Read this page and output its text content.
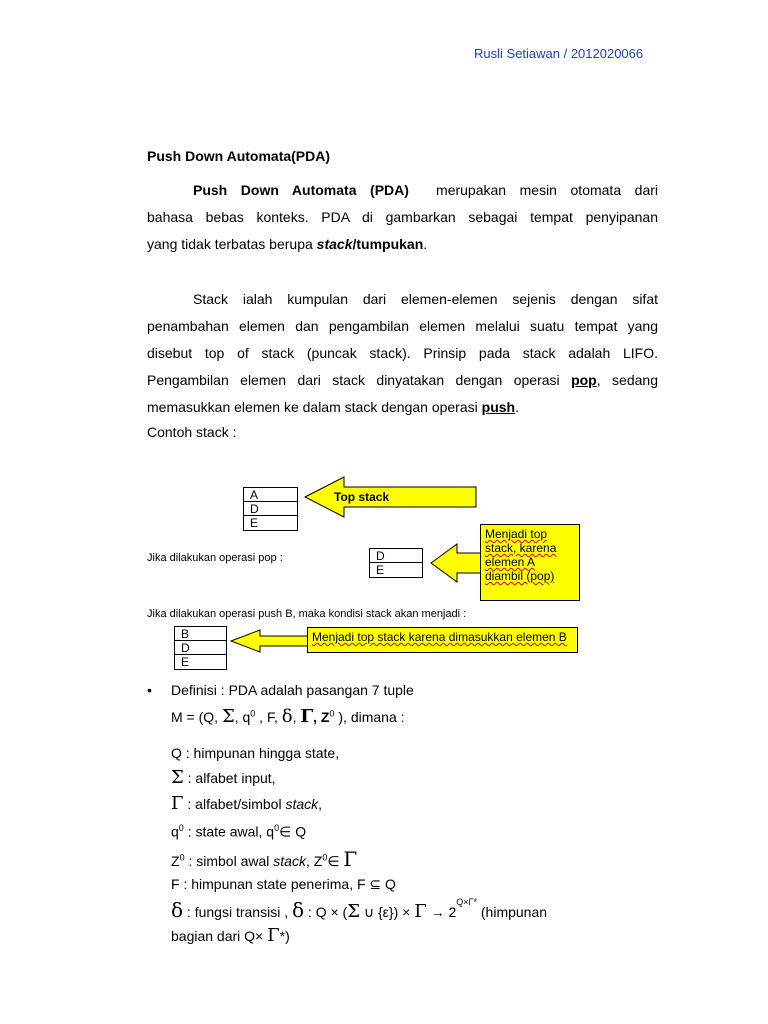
Rusli Setiawan / 2012020066
Push Down Automata(PDA)
Push Down Automata (PDA) merupakan mesin otomata dari
bahasa bebas konteks. PDA di gambarkan sebagai tempat penyipanan
yang tidak terbatas berupa stack/tumpukan.
Stack ialah kumpulan dari elemen-elemen sejenis dengan sifat
penambahan elemen dan pengambilan elemen melalui suatu tempat yang
disebut top of stack (puncak stack). Prinsip pada stack adalah LIFO.
Pengambilan elemen dari stack dinyatakan dengan operasi pop, sedang
memasukkan elemen ke dalam stack dengan operasi push.
Contoh stack :
A
D
E
Top stack
Jika dilakukan operasi pop :	D
E
Menjadi top stack, karena elemen A diambil (pop)
Jika dilakukan operasi push B, maka kondisi stack akan menjadi :
B
D
E
Menjadi top stack karena dimasukkan elemen B
• Definisi : PDA adalah pasangan 7 tuple
M = (Q, Σ, $q^0$ , F, δ, Γ, $Z^0$ ), dimana :
Q : himpunan hingga state,
Σ : alfabet input,
Γ : alfabet/simbol stack,
$q^0$ : state awal, $q^0\in$ Q
$Z^0$ : simbol awal stack, $Z^0\in$ Γ
F : himpunan state penerima, F ⊆ Q
δ : fungsi transisi , δ : Q × (Σ ∪ $\{\varepsilon\}) \times \Gamma \to 2^{Q\times\Gamma*}$ (himpunan
bagian dari Q× Γ*)
